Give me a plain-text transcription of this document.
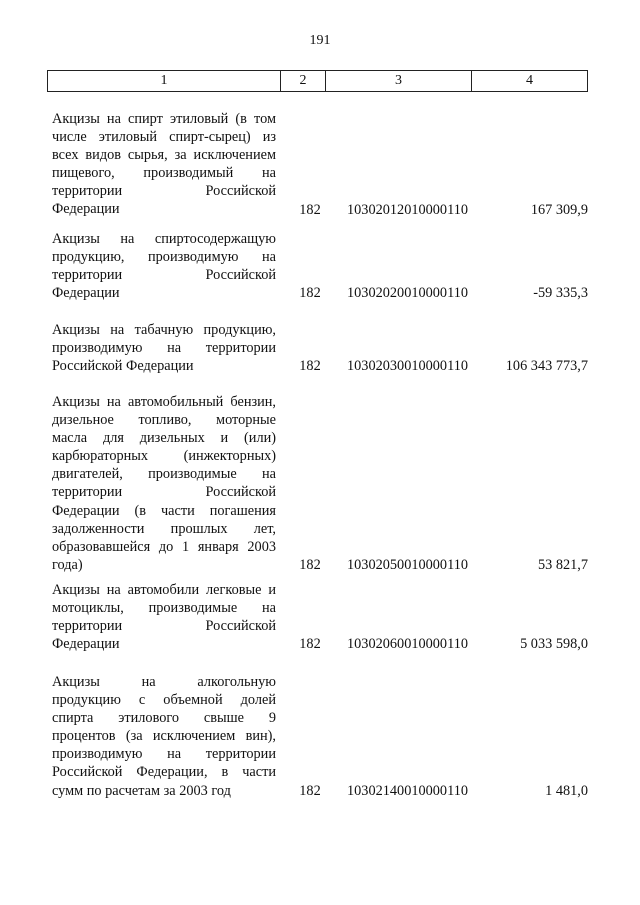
191
1	2	3	4
Акцизы на спирт этиловый (в том
числе этиловый спирт-сырец) из
всех видов сырья, за исключением
пищевого, производимый на
территории Российской
Федерации	182	10302012010000110	167 309,9
Акцизы на спиртосодержащую
продукцию, производимую на
территории Российской
Федерации	182	10302020010000110	-59 335,3
Акцизы на табачную продукцию,
производимую на территории
Российской Федерации	182	10302030010000110	106 343 773,7
Акцизы на автомобильный бензин,
дизельное топливо, моторные
масла для дизельных и (или)
карбюраторных (инжекторных)
двигателей, производимые на
территории Российской
Федерации (в части погашения
задолженности прошлых лет,
образовавшейся до 1 января 2003
года)	182	10302050010000110	53 821,7
Акцизы на автомобили легковые и
мотоциклы, производимые на
территории Российской
Федерации	182	10302060010000110	5 033 598,0
Акцизы на алкогольную
продукцию с объемной долей
спирта этилового свыше 9
процентов (за исключением вин),
производимую на территории
Российской Федерации, в части
сумм по расчетам за 2003 год	182	10302140010000110	1 481,0
